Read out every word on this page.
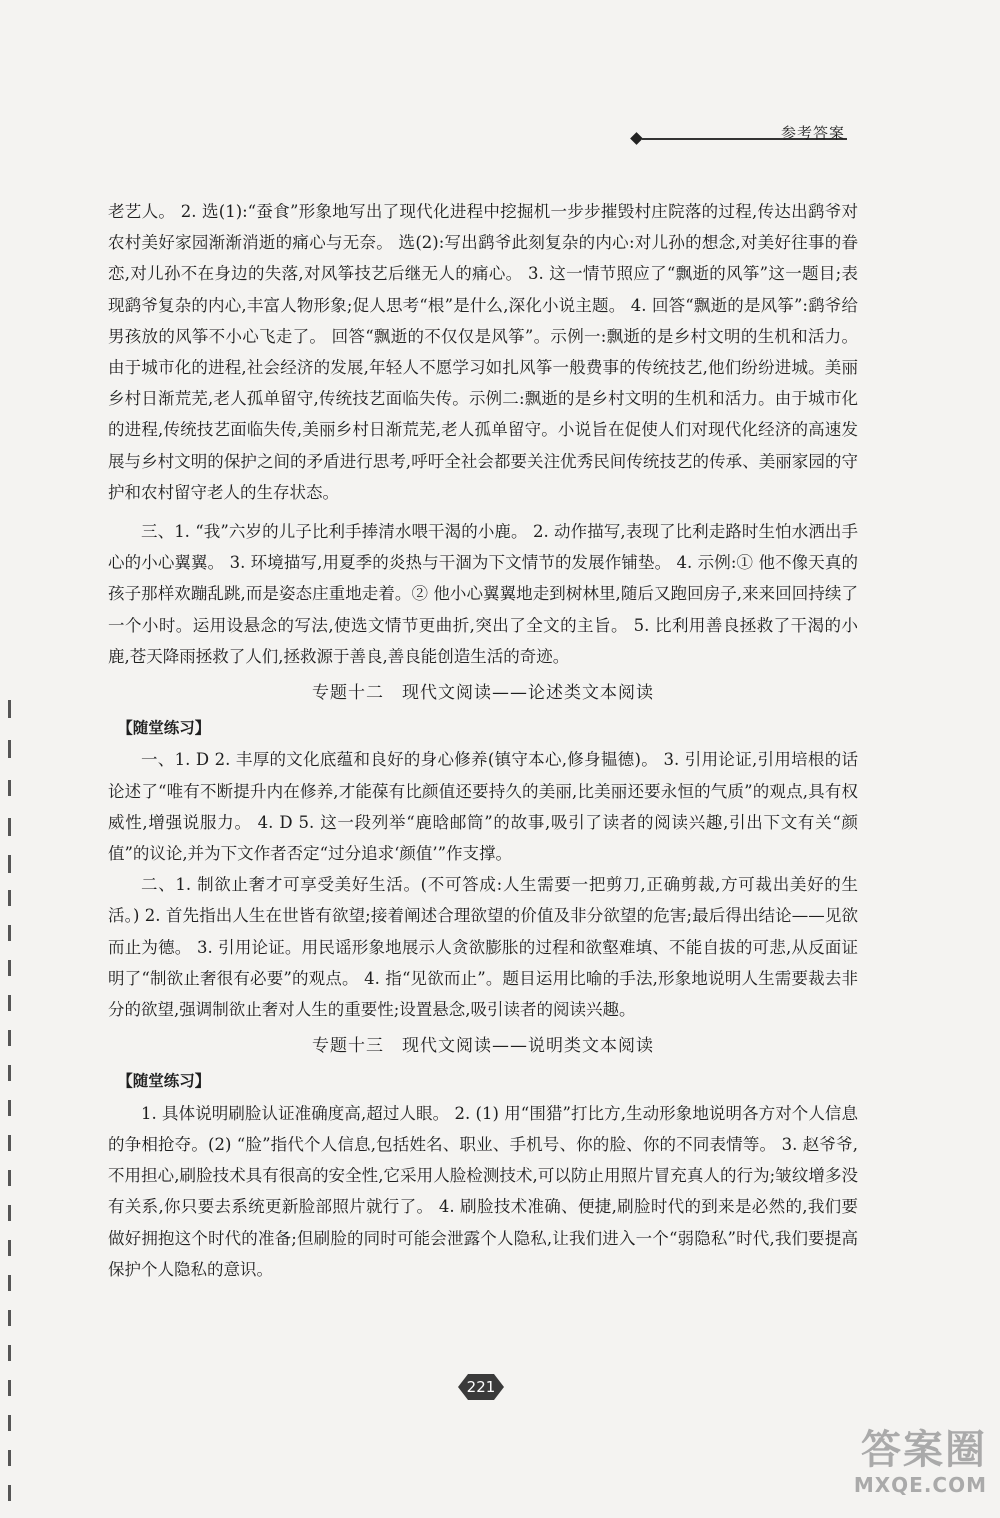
参考答案

老艺人。 2. 选(1):“蚕食”形象地写出了现代化进程中挖掘机一步步摧毁村庄院落的过程,传达出鹞爷对农村美好家园渐渐消逝的痛心与无奈。 选(2):写出鹞爷此刻复杂的内心:对儿孙的想念,对美好往事的眷恋,对儿孙不在身边的失落,对风筝技艺后继无人的痛心。 3. 这一情节照应了“飘逝的风筝”这一题目;表现鹞爷复杂的内心,丰富人物形象;促人思考“根”是什么,深化小说主题。 4. 回答“飘逝的是风筝”:鹞爷给男孩放的风筝不小心飞走了。 回答“飘逝的不仅仅是风筝”。示例一:飘逝的是乡村文明的生机和活力。由于城市化的进程,社会经济的发展,年轻人不愿学习如扎风筝一般费事的传统技艺,他们纷纷进城。美丽乡村日渐荒芜,老人孤单留守,传统技艺面临失传。示例二:飘逝的是乡村文明的生机和活力。由于城市化的进程,传统技艺面临失传,美丽乡村日渐荒芜,老人孤单留守。小说旨在促使人们对现代化经济的高速发展与乡村文明的保护之间的矛盾进行思考,呼吁全社会都要关注优秀民间传统技艺的传承、美丽家园的守护和农村留守老人的生存状态。

三、1. “我”六岁的儿子比利手捧清水喂干渴的小鹿。 2. 动作描写,表现了比利走路时生怕水洒出手心的小心翼翼。 3. 环境描写,用夏季的炎热与干涸为下文情节的发展作铺垫。 4. 示例:① 他不像天真的孩子那样欢蹦乱跳,而是姿态庄重地走着。② 他小心翼翼地走到树林里,随后又跑回房子,来来回回持续了一个小时。运用设悬念的写法,使选文情节更曲折,突出了全文的主旨。 5. 比利用善良拯救了干渴的小鹿,苍天降雨拯救了人们,拯救源于善良,善良能创造生活的奇迹。

专题十二　现代文阅读——论述类文本阅读

【随堂练习】

一、1. D 2. 丰厚的文化底蕴和良好的身心修养(镇守本心,修身韫德)。 3. 引用论证,引用培根的话论述了“唯有不断提升内在修养,才能葆有比颜值还要持久的美丽,比美丽还要永恒的气质”的观点,具有权威性,增强说服力。 4. D 5. 这一段列举“鹿晗邮筒”的故事,吸引了读者的阅读兴趣,引出下文有关“颜值”的议论,并为下文作者否定“过分追求‘颜值’”作支撑。

二、1. 制欲止奢才可享受美好生活。(不可答成:人生需要一把剪刀,正确剪裁,方可裁出美好的生活。) 2. 首先指出人生在世皆有欲望;接着阐述合理欲望的价值及非分欲望的危害;最后得出结论——见欲而止为德。 3. 引用论证。用民谣形象地展示人贪欲膨胀的过程和欲壑难填、不能自拔的可悲,从反面证明了“制欲止奢很有必要”的观点。 4. 指“见欲而止”。题目运用比喻的手法,形象地说明人生需要裁去非分的欲望,强调制欲止奢对人生的重要性;设置悬念,吸引读者的阅读兴趣。

专题十三　现代文阅读——说明类文本阅读

【随堂练习】

1. 具体说明刷脸认证准确度高,超过人眼。 2. (1) 用“围猎”打比方,生动形象地说明各方对个人信息的争相抢夺。(2) “脸”指代个人信息,包括姓名、职业、手机号、你的脸、你的不同表情等。 3. 赵爷爷,不用担心,刷脸技术具有很高的安全性,它采用人脸检测技术,可以防止用照片冒充真人的行为;皱纹增多没有关系,你只要去系统更新脸部照片就行了。 4. 刷脸技术准确、便捷,刷脸时代的到来是必然的,我们要做好拥抱这个时代的准备;但刷脸的同时可能会泄露个人隐私,让我们进入一个“弱隐私”时代,我们要提高保护个人隐私的意识。

221
答案圈
MXQE.COM
